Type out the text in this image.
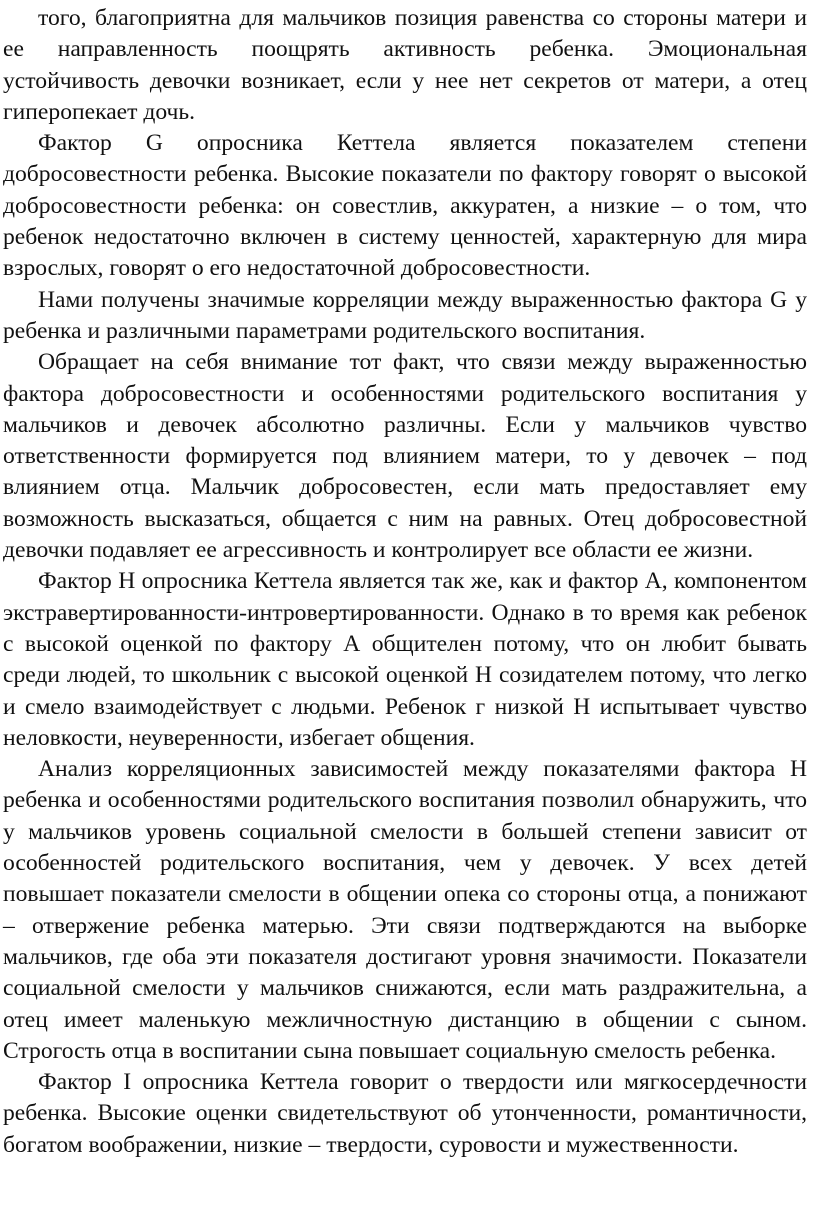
того, благоприятна для мальчиков позиция равенства со стороны матери и ее направленность поощрять активность ребенка. Эмоциональная устойчивость девочки возникает, если у нее нет секретов от матери, а отец гиперопекает дочь.

Фактор G опросника Кеттела является показателем степени добросовестности ребенка. Высокие показатели по фактору говорят о высокой добросовестности ребенка: он совестлив, аккуратен, а низкие – о том, что ребенок недостаточно включен в систему ценностей, характерную для мира взрослых, говорят о его недостаточной добросовестности.

Нами получены значимые корреляции между выраженностью фактора G у ребенка и различными параметрами родительского воспитания.

Обращает на себя внимание тот факт, что связи между выраженностью фактора добросовестности и особенностями родительского воспитания у мальчиков и девочек абсолютно различны. Если у мальчиков чувство ответственности формируется под влиянием матери, то у девочек – под влиянием отца. Мальчик добросовестен, если мать предоставляет ему возможность высказаться, общается с ним на равных. Отец добросовестной девочки подавляет ее агрессивность и контролирует все области ее жизни.

Фактор Н опросника Кеттела является так же, как и фактор А, компонентом экстравертированности-интровертированности. Однако в то время как ребенок с высокой оценкой по фактору А общителен потому, что он любит бывать среди людей, то школьник с высокой оценкой Н созидателем потому, что легко и смело взаимодействует с людьми. Ребенок г низкой Н испытывает чувство неловкости, неуверенности, избегает общения.

Анализ корреляционных зависимостей между показателями фактора Н ребенка и особенностями родительского воспитания позволил обнаружить, что у мальчиков уровень социальной смелости в большей степени зависит от особенностей родительского воспитания, чем у девочек. У всех детей повышает показатели смелости в общении опека со стороны отца, а понижают – отвержение ребенка матерью. Эти связи подтверждаются на выборке мальчиков, где оба эти показателя достигают уровня значимости. Показатели социальной смелости у мальчиков снижаются, если мать раздражительна, а отец имеет маленькую межличностную дистанцию в общении с сыном. Строгость отца в воспитании сына повышает социальную смелость ребенка.

Фактор I опросника Кеттела говорит о твердости или мягкосердечности ребенка. Высокие оценки свидетельствуют об утонченности, романтичности, богатом воображении, низкие – твердости, суровости и мужественности.
